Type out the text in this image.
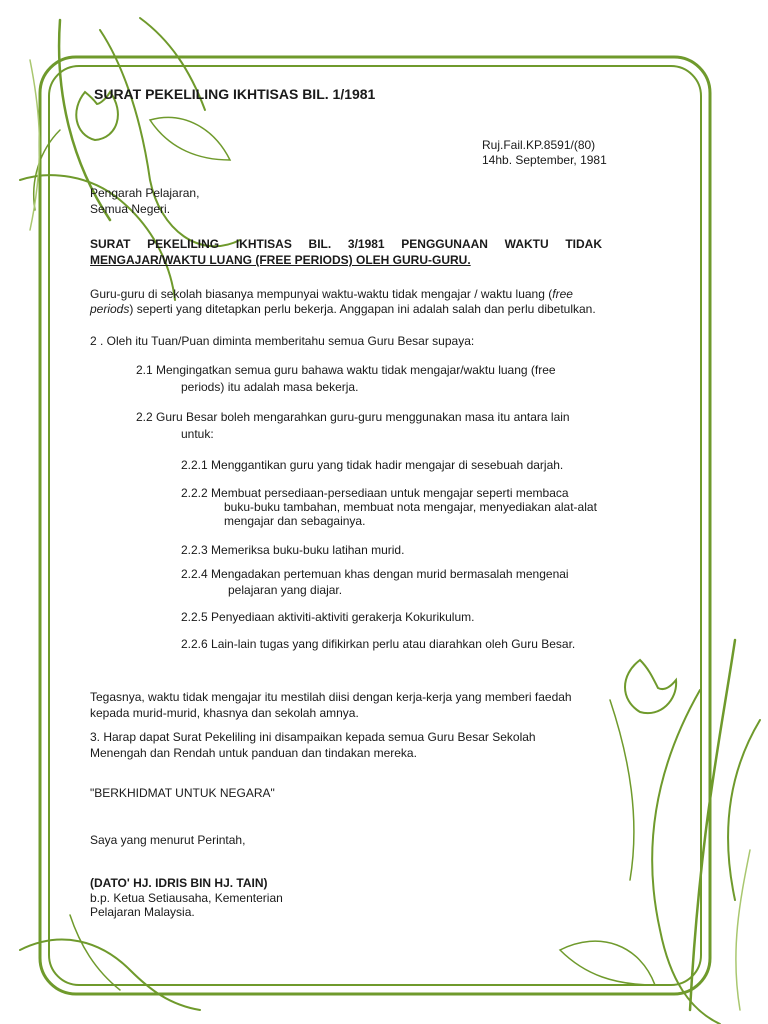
SURAT PEKELILING IKHTISAS BIL. 1/1981

Ruj.Fail.KP.8591/(80)

14hb. September, 1981

Pengarah Pelajaran,

Semua Negeri.

SURAT PEKELILING IKHTISAS BIL. 3/1981 PENGGUNAAN WAKTU TIDAK

MENGAJAR/WAKTU LUANG (FREE PERIODS) OLEH GURU-GURU.

Guru-guru di sekolah biasanya mempunyai waktu-waktu tidak mengajar / waktu luang (free

periods) seperti yang ditetapkan perlu bekerja. Anggapan ini adalah salah dan perlu dibetulkan.

2 . Oleh itu Tuan/Puan diminta memberitahu semua Guru Besar supaya:

2.1 Mengingatkan semua guru bahawa waktu tidak mengajar/waktu luang (free

periods) itu adalah masa bekerja.

2.2 Guru Besar boleh mengarahkan guru-guru menggunakan masa itu antara lain

untuk:

2.2.1 Menggantikan guru yang tidak hadir mengajar di sesebuah darjah.

2.2.2 Membuat persediaan-persediaan untuk mengajar seperti membaca

buku-buku tambahan, membuat nota mengajar, menyediakan alat-alat

mengajar dan sebagainya.

2.2.3 Memeriksa buku-buku latihan murid.

2.2.4 Mengadakan pertemuan khas dengan murid bermasalah mengenai

pelajaran yang diajar.

2.2.5 Penyediaan aktiviti-aktiviti gerakerja Kokurikulum.

2.2.6 Lain-lain tugas yang difikirkan perlu atau diarahkan oleh Guru Besar.

Tegasnya, waktu tidak mengajar itu mestilah diisi dengan kerja-kerja yang memberi faedah

kepada murid-murid, khasnya dan sekolah amnya.

3. Harap dapat Surat Pekeliling ini disampaikan kepada semua Guru Besar Sekolah

Menengah dan Rendah untuk panduan dan tindakan mereka.

"BERKHIDMAT UNTUK NEGARA"

Saya yang menurut Perintah,

(DATO' HJ. IDRIS BIN HJ. TAIN)

b.p. Ketua Setiausaha, Kementerian

Pelajaran Malaysia.
